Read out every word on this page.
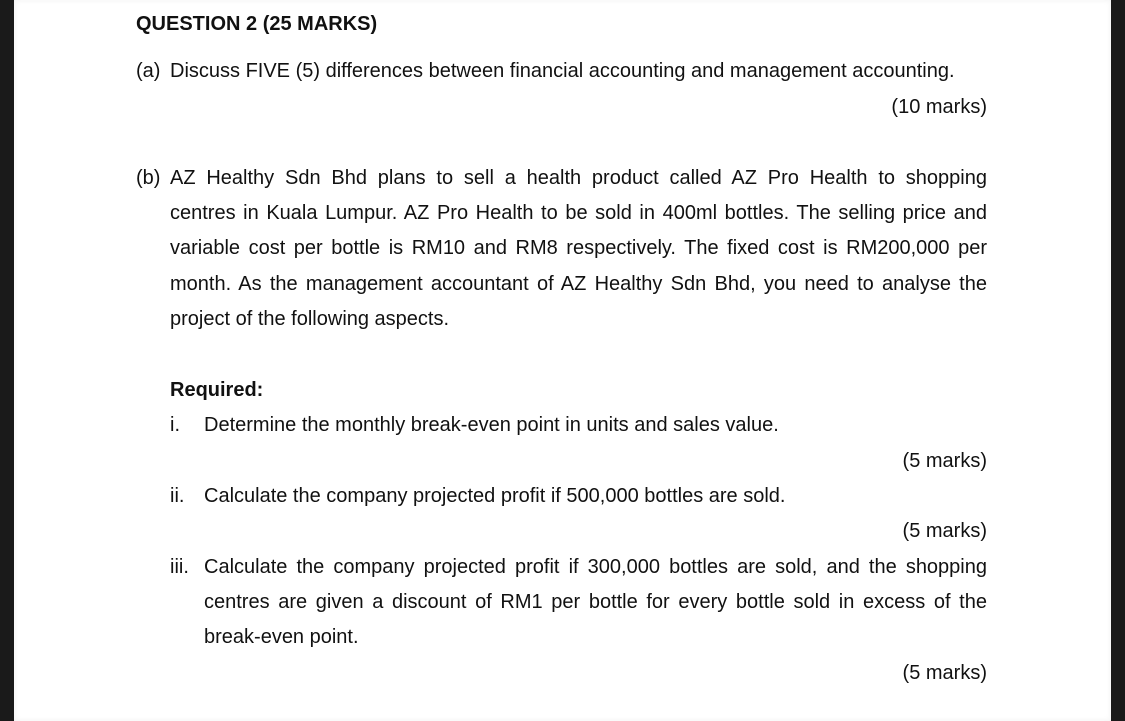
QUESTION 2 (25 MARKS)
(a) Discuss FIVE (5) differences between financial accounting and management accounting.
(10 marks)
(b) AZ Healthy Sdn Bhd plans to sell a health product called AZ Pro Health to shopping
centres in Kuala Lumpur. AZ Pro Health to be sold in 400ml bottles. The selling price and
variable cost per bottle is RM10 and RM8 respectively. The fixed cost is RM200,000 per
month. As the management accountant of AZ Healthy Sdn Bhd, you need to analyse the
project of the following aspects.
Required:
i. Determine the monthly break-even point in units and sales value.
(5 marks)
ii. Calculate the company projected profit if 500,000 bottles are sold.
(5 marks)
iii. Calculate the company projected profit if 300,000 bottles are sold, and the shopping
centres are given a discount of RM1 per bottle for every bottle sold in excess of the
break-even point.
(5 marks)
